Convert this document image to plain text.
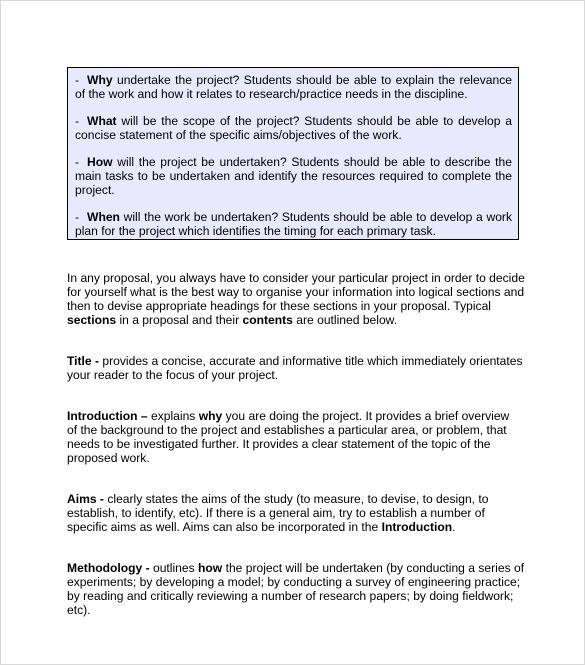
- Why undertake the project? Students should be able to explain the relevance of the work and how it relates to research/practice needs in the discipline.

- What will be the scope of the project? Students should be able to develop a concise statement of the specific aims/objectives of the work.

- How will the project be undertaken? Students should be able to describe the main tasks to be undertaken and identify the resources required to complete the project.

- When will the work be undertaken? Students should be able to develop a work plan for the project which identifies the timing for each primary task.

In any proposal, you always have to consider your particular project in order to decide for yourself what is the best way to organise your information into logical sections and then to devise appropriate headings for these sections in your proposal. Typical sections in a proposal and their contents are outlined below.

Title - provides a concise, accurate and informative title which immediately orientates your reader to the focus of your project.

Introduction – explains why you are doing the project. It provides a brief overview of the background to the project and establishes a particular area, or problem, that needs to be investigated further. It provides a clear statement of the topic of the proposed work.

Aims - clearly states the aims of the study (to measure, to devise, to design, to establish, to identify, etc). If there is a general aim, try to establish a number of specific aims as well. Aims can also be incorporated in the Introduction.

Methodology - outlines how the project will be undertaken (by conducting a series of experiments; by developing a model; by conducting a survey of engineering practice; by reading and critically reviewing a number of research papers; by doing fieldwork; etc).
